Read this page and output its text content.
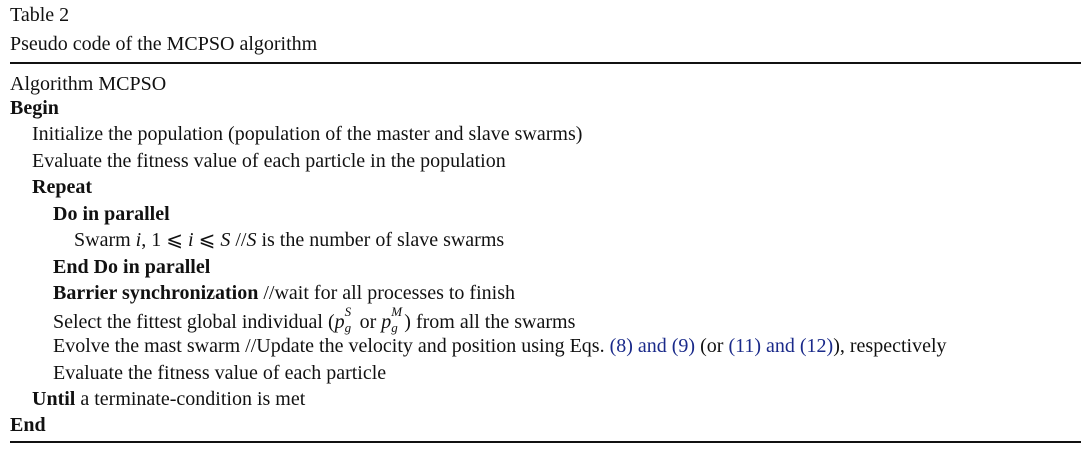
Table 2
Pseudo code of the MCPSO algorithm
Algorithm MCPSO
Begin
Initialize the population (population of the master and slave swarms)
Evaluate the fitness value of each particle in the population
Repeat
Do in parallel
Swarm i, 1 ⩽ i ⩽ S //S is the number of slave swarms
End Do in parallel
Barrier synchronization //wait for all processes to finish
Select the fittest global individual (p S
g or p M
g ) from all the swarms
Evolve the mast swarm //Update the velocity and position using Eqs. (8) and (9) (or (11) and (12)), respectively
Evaluate the fitness value of each particle
Until a terminate-condition is met
End
